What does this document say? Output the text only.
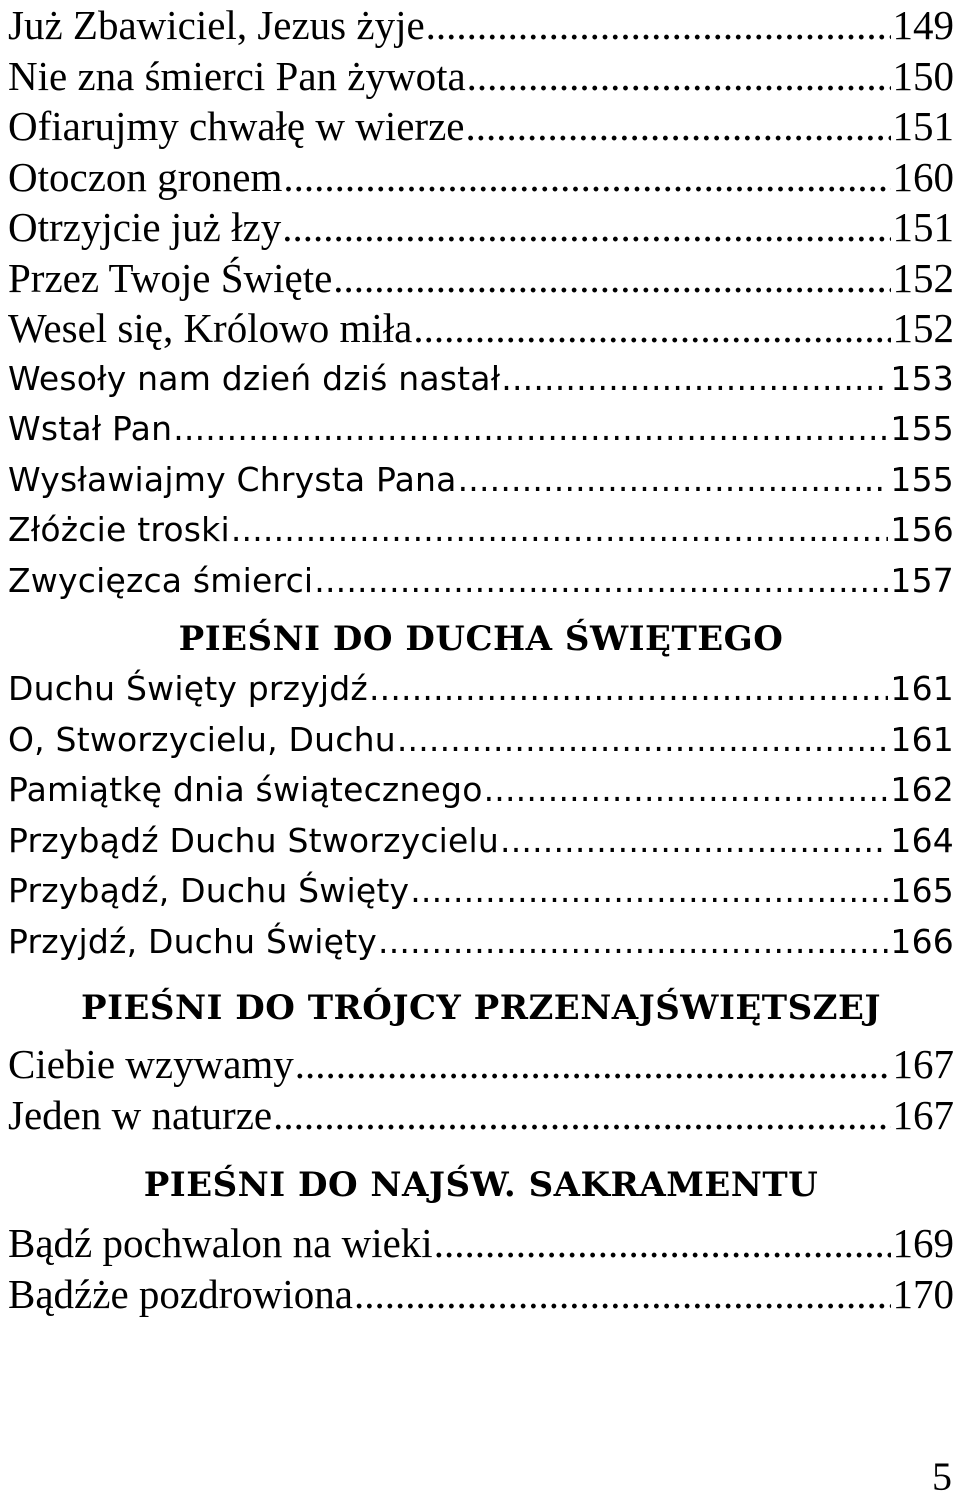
Już Zbawiciel, Jezus żyje .....	149
Nie zna śmierci Pan żywota .....	150
Ofiarujmy chwałę w wierze .....	151
Otoczon gronem .....	160
Otrzyjcie już łzy .....	151
Przez Twoje Święte .....	152
Wesel się, Królowo miła .....	152
Wesoły nam dzień dziś nastał .....	153
Wstał Pan .....	155
Wysławiajmy Chrysta Pana .....	155
Złóżcie troski .....	156
Zwycięzca śmierci .....	157
PIEŚNI DO DUCHA ŚWIĘTEGO
Duchu Święty przyjdź .....	161
O, Stworzycielu, Duchu .....	161
Pamiątkę dnia świątecznego .....	162
Przybądź Duchu Stworzycielu .....	164
Przybądź, Duchu Święty .....	165
Przyjdź, Duchu Święty .....	166
PIEŚNI DO TRÓJCY PRZENAJŚWIĘTSZEJ
Ciebie wzywamy .....	167
Jeden w naturze .....	167
PIEŚNI DO NAJŚW. SAKRAMENTU
Bądź pochwalon na wieki .....	169
Bądźże pozdrowiona .....	170
5
